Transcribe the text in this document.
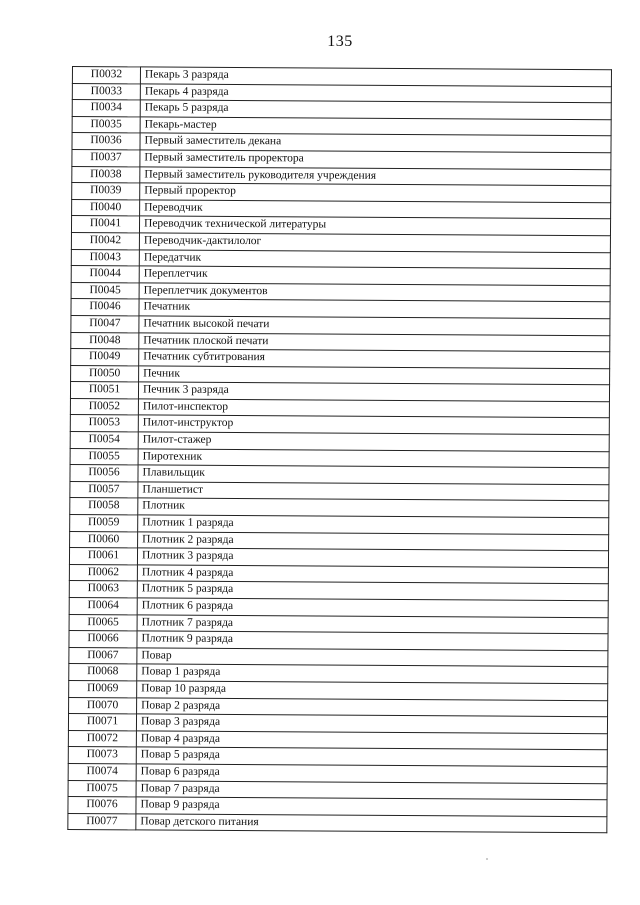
135
П0032	Пекарь 3 разряда
П0033	Пекарь 4 разряда
П0034	Пекарь 5 разряда
П0035	Пекарь-мастер
П0036	Первый заместитель декана
П0037	Первый заместитель проректора
П0038	Первый заместитель руководителя учреждения
П0039	Первый проректор
П0040	Переводчик
П0041	Переводчик технической литературы
П0042	Переводчик-дактилолог
П0043	Передатчик
П0044	Переплетчик
П0045	Переплетчик документов
П0046	Печатник
П0047	Печатник высокой печати
П0048	Печатник плоской печати
П0049	Печатник субтитрования
П0050	Печник
П0051	Печник 3 разряда
П0052	Пилот-инспектор
П0053	Пилот-инструктор
П0054	Пилот-стажер
П0055	Пиротехник
П0056	Плавильщик
П0057	Планшетист
П0058	Плотник
П0059	Плотник 1 разряда
П0060	Плотник 2 разряда
П0061	Плотник 3 разряда
П0062	Плотник 4 разряда
П0063	Плотник 5 разряда
П0064	Плотник 6 разряда
П0065	Плотник 7 разряда
П0066	Плотник 9 разряда
П0067	Повар
П0068	Повар 1 разряда
П0069	Повар 10 разряда
П0070	Повар 2 разряда
П0071	Повар 3 разряда
П0072	Повар 4 разряда
П0073	Повар 5 разряда
П0074	Повар 6 разряда
П0075	Повар 7 разряда
П0076	Повар 9 разряда
П0077	Повар детского питания
